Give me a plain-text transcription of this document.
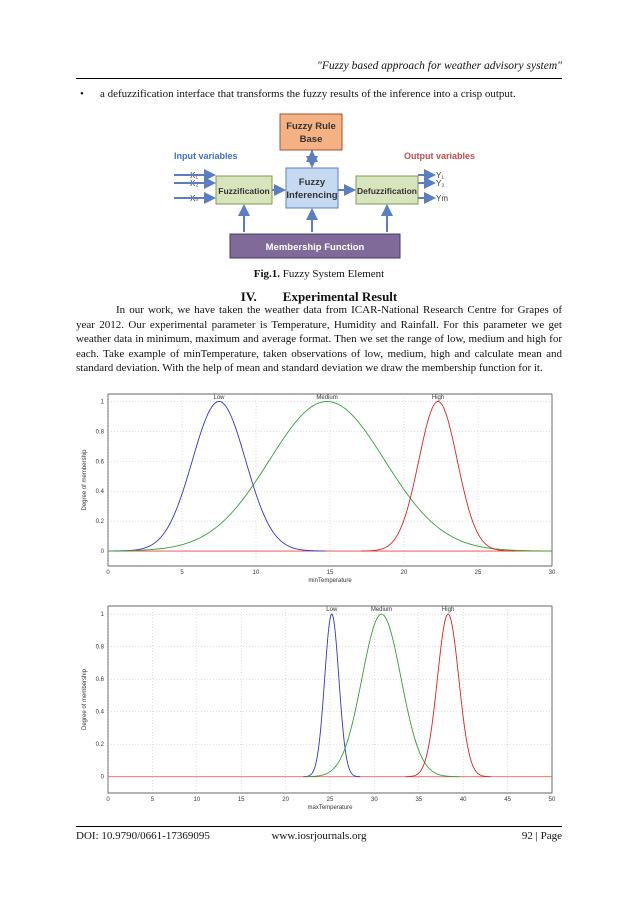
"Fuzzy based approach for weather advisory system"
• a defuzzification interface that transforms the fuzzy results of the inference into a crisp output.
Fuzzy Rule
Base
Fuzzy
Inferencing
Fuzzification	Defuzzification
Membership Function
Input variables	Output variables
X₁
X₂
Xₙ
Y₁
Y₂
Ym
Fig.1. Fuzzy System Element
IV. Experimental Result
In our work, we have taken the weather data from ICAR-National Research Centre for Grapes of year 2012. Our experimental parameter is Temperature, Humidity and Rainfall. For this parameter we get weather data in minimum, maximum and average format. Then we set the range of low, medium and high for each. Take example of minTemperature, taken observations of low, medium, high and calculate mean and standard deviation. With the help of mean and standard deviation we draw the membership function for it.
0	5	10	15	20	25	30
0
0.2
0.4
0.6
0.8
1
Low	Medium	High
minTemperature
Degree of membership
0	5	10	15	20	25	30	35	40	45	50
0
0.2
0.4
0.6
0.8
1
Low	Medium	High
maxTemperature
Degree of membership
DOI: 10.9790/0661-17369095	www.iosrjournals.org	92 | Page
